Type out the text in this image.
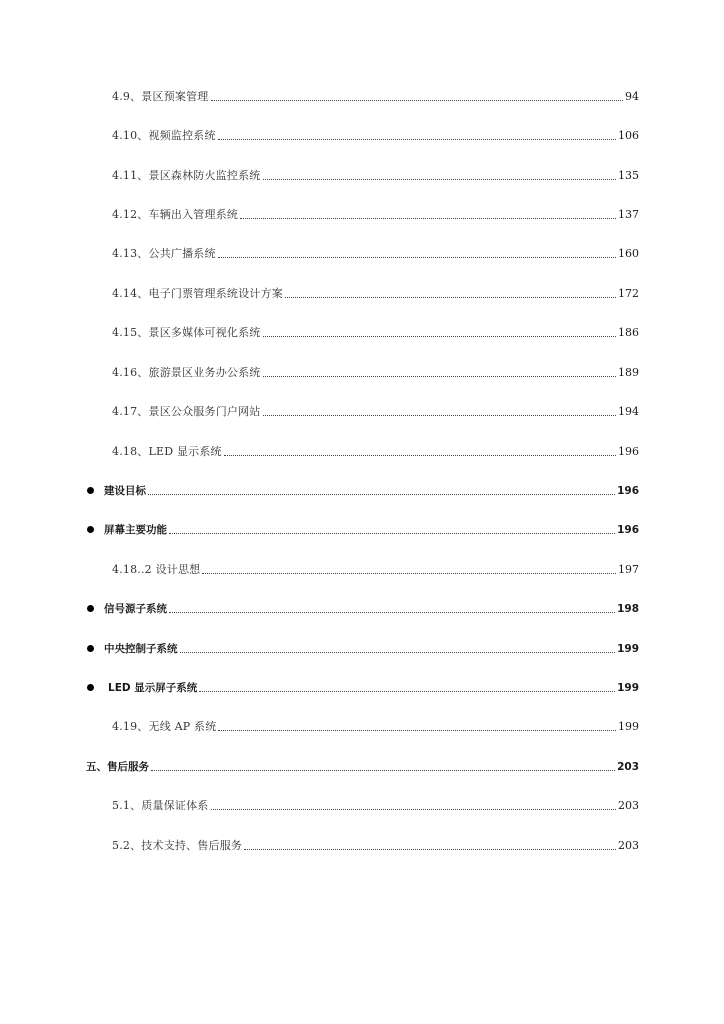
4.9、景区预案管理	94
4.10、视频监控系统	106
4.11、景区森林防火监控系统	135
4.12、车辆出入管理系统	137
4.13、公共广播系统	160
4.14、电子门票管理系统设计方案	172
4.15、景区多媒体可视化系统	186
4.16、旅游景区业务办公系统	189
4.17、景区公众服务门户网站	194
4.18、LED 显示系统	196
建设目标	196
屏幕主要功能	196
4.18..2 设计思想	197
信号源子系统	198
中央控制子系统	199
LED 显示屏子系统	199
4.19、无线 AP 系统	199
五、售后服务	203
5.1、质量保证体系	203
5.2、技术支持、售后服务	203
